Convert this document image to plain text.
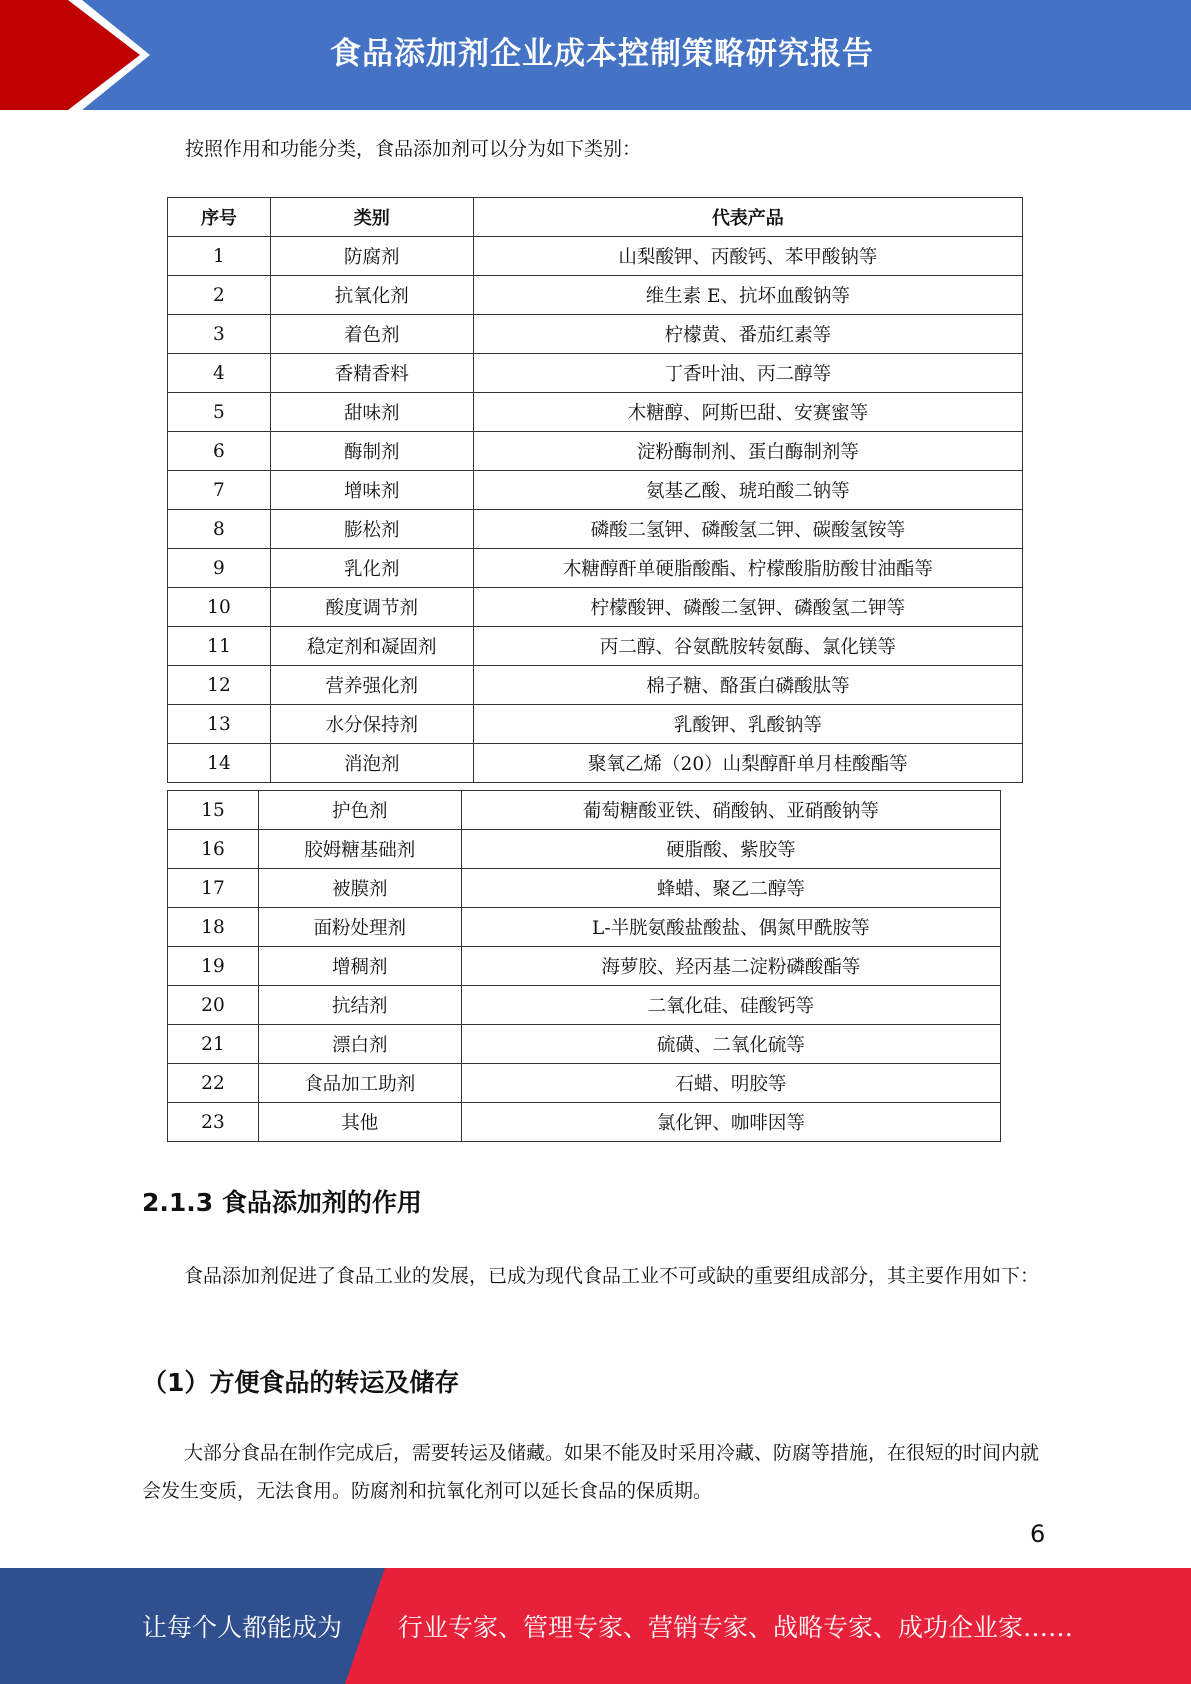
食品添加剂企业成本控制策略研究报告
按照作用和功能分类，食品添加剂可以分为如下类别：
序号	类别	代表产品
1	防腐剂	山梨酸钾、丙酸钙、苯甲酸钠等
2	抗氧化剂	维生素 E、抗坏血酸钠等
3	着色剂	柠檬黄、番茄红素等
4	香精香料	丁香叶油、丙二醇等
5	甜味剂	木糖醇、阿斯巴甜、安赛蜜等
6	酶制剂	淀粉酶制剂、蛋白酶制剂等
7	增味剂	氨基乙酸、琥珀酸二钠等
8	膨松剂	磷酸二氢钾、磷酸氢二钾、碳酸氢铵等
9	乳化剂	木糖醇酐单硬脂酸酯、柠檬酸脂肪酸甘油酯等
10	酸度调节剂	柠檬酸钾、磷酸二氢钾、磷酸氢二钾等
11	稳定剂和凝固剂	丙二醇、谷氨酰胺转氨酶、氯化镁等
12	营养强化剂	棉子糖、酪蛋白磷酸肽等
13	水分保持剂	乳酸钾、乳酸钠等
14	消泡剂	聚氧乙烯（20）山梨醇酐单月桂酸酯等
15	护色剂	葡萄糖酸亚铁、硝酸钠、亚硝酸钠等
16	胶姆糖基础剂	硬脂酸、紫胶等
17	被膜剂	蜂蜡、聚乙二醇等
18	面粉处理剂	L-半胱氨酸盐酸盐、偶氮甲酰胺等
19	增稠剂	海萝胶、羟丙基二淀粉磷酸酯等
20	抗结剂	二氧化硅、硅酸钙等
21	漂白剂	硫磺、二氧化硫等
22	食品加工助剂	石蜡、明胶等
23	其他	氯化钾、咖啡因等
2.1.3 食品添加剂的作用

食品添加剂促进了食品工业的发展，已成为现代食品工业不可或缺的重要组成部分，其主要作用如下：

（1）方便食品的转运及储存

大部分食品在制作完成后，需要转运及储藏。如果不能及时采用冷藏、防腐等措施，在很短的时间内就会发生变质，无法食用。防腐剂和抗氧化剂可以延长食品的保质期。

6
让每个人都能成为 行业专家、管理专家、营销专家、战略专家、成功企业家……
